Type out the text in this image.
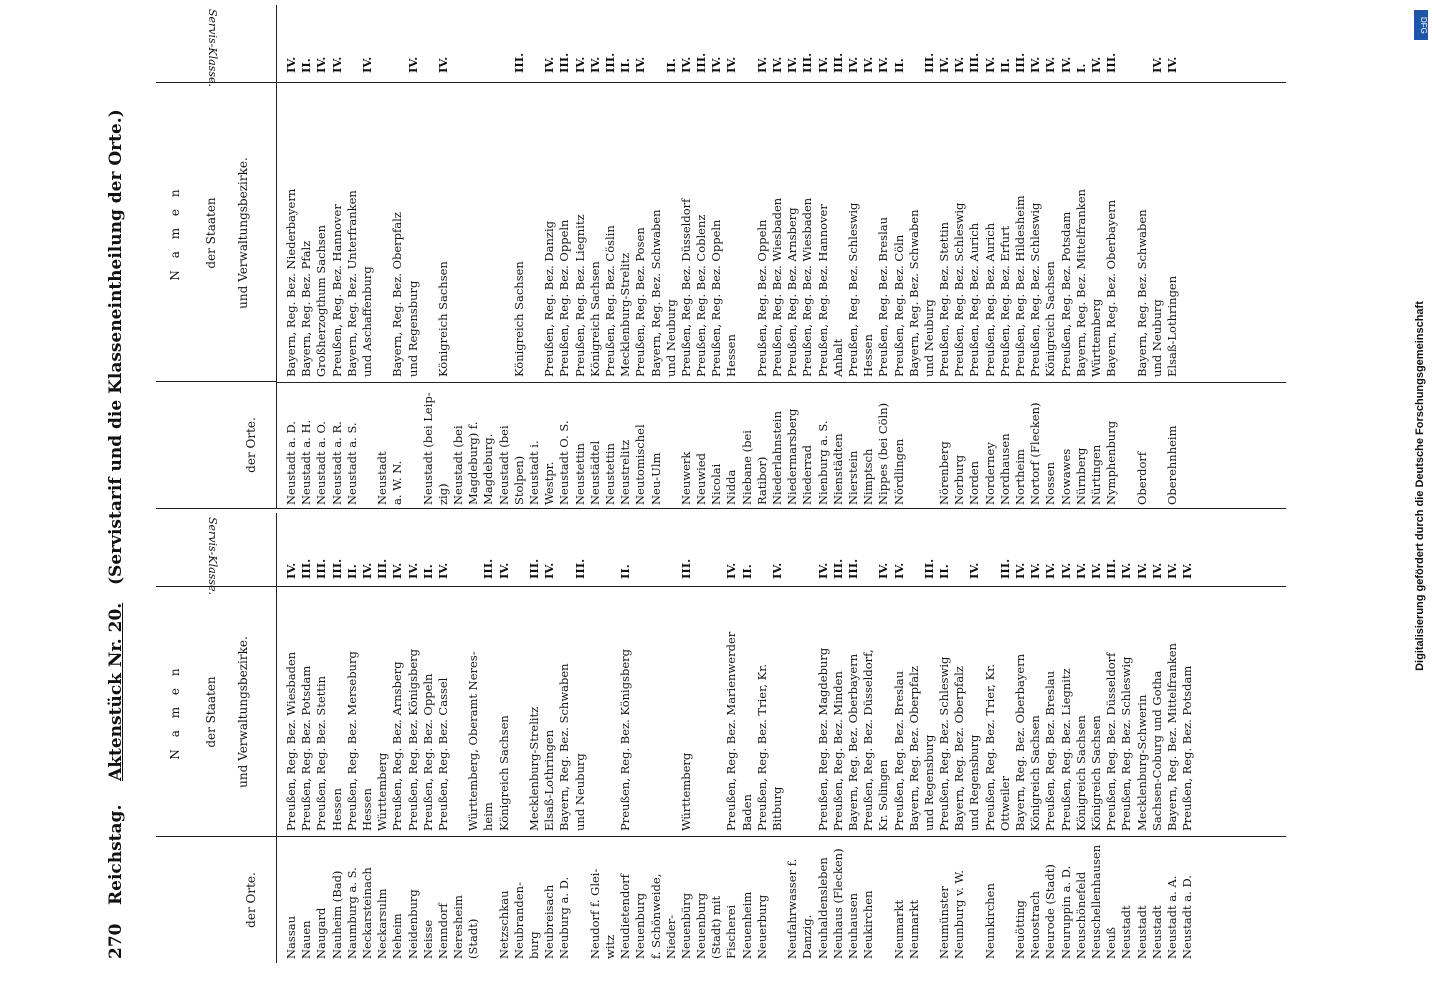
270
Reichstag.    Aktenstück Nr. 20.   (Servistarif und die Klasseneintheilung der Orte.)
der Orte.
N a m e n der Staaten und Verwaltungsbezirke.
Servis-Klasse.
Nassau
Preußen, Reg. Bez. Wiesbaden
IV.
Nauen
Preußen, Reg. Bez. Potsdam
III.
Naugard
Preußen, Reg. Bez. Stettin
III.
Nauheim (Bad)
Hessen
III.
Naumburg a. S.
Preußen, Reg. Bez. Merseburg
II.
Neckarsteinach
Hessen
IV.
Neckarsulm
Württemberg
III.
Neheim
Preußen, Reg. Bez. Arnsberg
IV.
Neidenburg
Preußen, Reg. Bez. Königsberg
IV.
Neisse
Preußen, Reg. Bez. Oppeln
II.
Nenndorf
Preußen, Reg. Bez. Cassel
IV.
Neresheim (Stadt)
Württemberg, Oberamt Neres- heim
III.
Netzschkau
Königreich Sachsen
IV.
Neubranden- burg
Mecklenburg-Strelitz
III.
Neubreisach
Elsaß-Lothringen
IV.
Neuburg a. D.
Bayern, Reg. Bez. Schwaben und Neuburg
III.
Neudorf f. Glei- witz Neudietendorf
Preußen, Reg. Bez. Königsberg
II.
Neuenburg f. Schönweide, Nieder- Neuenbürg
Württemberg
III.
Neuenburg (Stadt) mit Fischerei
Preußen, Reg. Bez. Marienwerder
IV.
Neuenheim
Baden
II.
Neuerburg
Preußen, Reg. Bez. Trier, Kr. Bitburg
IV.
Neufahrwasser f. Danzig. Neuhaldensleben
Preußen, Reg. Bez. Magdeburg
IV.
Neuhaus (Flecken)
Preußen, Reg. Bez. Minden
III.
Neuhausen
Bayern, Reg. Bez. Oberbayern
III.
Neukirchen
Preußen, Reg. Bez. Düsseldorf, Kr. Solingen
IV.
Neumarkt
Preußen, Reg. Bez. Breslau
IV.
Neumarkt
Bayern, Reg. Bez. Oberpfalz und Regensburg
III.
Neumünster
Preußen, Reg. Bez. Schleswig
II.
Neunburg v. W.
Bayern, Reg. Bez. Oberpfalz und Regensburg
IV.
Neunkirchen
Preußen, Reg. Bez. Trier, Kr. Ottweiler
III.
Neuötting
Bayern, Reg. Bez. Oberbayern
IV.
Neuostrach
Königreich Sachsen
IV.
Neurode (Stadt)
Preußen, Reg. Bez. Breslau
IV.
Neuruppin a. D.
Preußen, Reg. Bez. Liegnitz
IV.
Neuschönefeld
Königreich Sachsen
IV.
Neuschellenhausen
Königreich Sachsen
IV.
Neuß
Preußen, Reg. Bez. Düsseldorf
III.
Neustadt
Preußen, Reg. Bez. Schleswig
IV.
Neustadt
Mecklenburg-Schwerin
IV.
Neustadt
Sachsen-Coburg und Gotha
IV.
Neustadt a. A.
Bayern, Reg. Bez. Mittelfranken
IV.
Neustadt a. D.
Preußen, Reg. Bez. Potsdam
IV.
der Orte.
N a m e n der Staaten und Verwaltungsbezirke.
Servis-Klasse.
Neustadt a. D.
Bayern, Reg. Bez. Niederbayern
IV.
Neustadt a. H.
Bayern, Reg. Bez. Pfalz
II.
Neustadt a. O.
Großherzogthum Sachsen
IV.
Neustadt a. R.
Preußen, Reg. Bez. Hannover
IV.
Neustadt a. S.
Bayern, Reg. Bez. Unterfranken und Aschaffenburg
IV.
Neustadt a. W. N.
Bayern, Reg. Bez. Oberpfalz und Regensburg
IV.
Neustadt (bei Leip- zig)
Königreich Sachsen
IV.
Neustadt (bei Magdeburg) f. Magdeburg. Neustadt (bei Stolpen)
Königreich Sachsen
III.
Neustadt i. Westpr.
Preußen, Reg. Bez. Danzig
IV.
Neustadt O. S.
Preußen, Reg. Bez. Oppeln
III.
Neustettin
Preußen, Reg. Bez. Liegnitz
IV.
Neustädtel
Königreich Sachsen
IV.
Neustettin
Preußen, Reg. Bez. Cöslin
III.
Neustrelitz
Mecklenburg-Strelitz
II.
Neutomischel
Preußen, Reg. Bez. Posen
IV.
Neu-Ulm
Bayern, Reg. Bez. Schwaben und Neuburg
II.
Neuwerk
Preußen, Reg. Bez. Düsseldorf
IV.
Neuwied
Preußen, Reg. Bez. Coblenz
III.
Nicolai
Preußen, Reg. Bez. Oppeln
IV.
Nidda
Hessen
IV.
Niebane (bei Ratibor)
Preußen, Reg. Bez. Oppeln
IV.
Niederlahnstein
Preußen, Reg. Bez. Wiesbaden
IV.
Niedermarsberg
Preußen, Reg. Bez. Arnsberg
IV.
Niederrad
Preußen, Reg. Bez. Wiesbaden
III.
Nienburg a. S.
Preußen, Reg. Bez. Hannover
IV.
Nienstädten
Anhalt
III.
Nierstein
Preußen, Reg. Bez. Schleswig
IV.
Nimptsch
Hessen
IV.
Nippes (bei Cöln)
Preußen, Reg. Bez. Breslau
IV.
Nördlingen
Preußen, Reg. Bez. Cöln
II.
Bayern, Reg. Bez. Schwaben und Neuburg
III.
Nörenberg
Preußen, Reg. Bez. Stettin
IV.
Norburg
Preußen, Reg. Bez. Schleswig
IV.
Norden
Preußen, Reg. Bez. Aurich
III.
Norderney
Preußen, Reg. Bez. Aurich
IV.
Nordhausen
Preußen, Reg. Bez. Erfurt
II.
Northeim
Preußen, Reg. Bez. Hildesheim
III.
Nortorf (Flecken)
Preußen, Reg. Bez. Schleswig
IV.
Nossen
Königreich Sachsen
IV.
Nowawes
Preußen, Reg. Bez. Potsdam
IV.
Nürnberg
Bayern, Reg. Bez. Mittelfranken
I.
Nürtingen
Württemberg
IV.
Nymphenburg
Bayern, Reg. Bez. Oberbayern
III.
Oberdorf
Bayern, Reg. Bez. Schwaben und Neuburg
IV.
Oberehnheim
Elsaß-Lothringen
IV.
Digitalisierung gefördert durch die Deutsche Forschungsgemeinschaft
DFG
